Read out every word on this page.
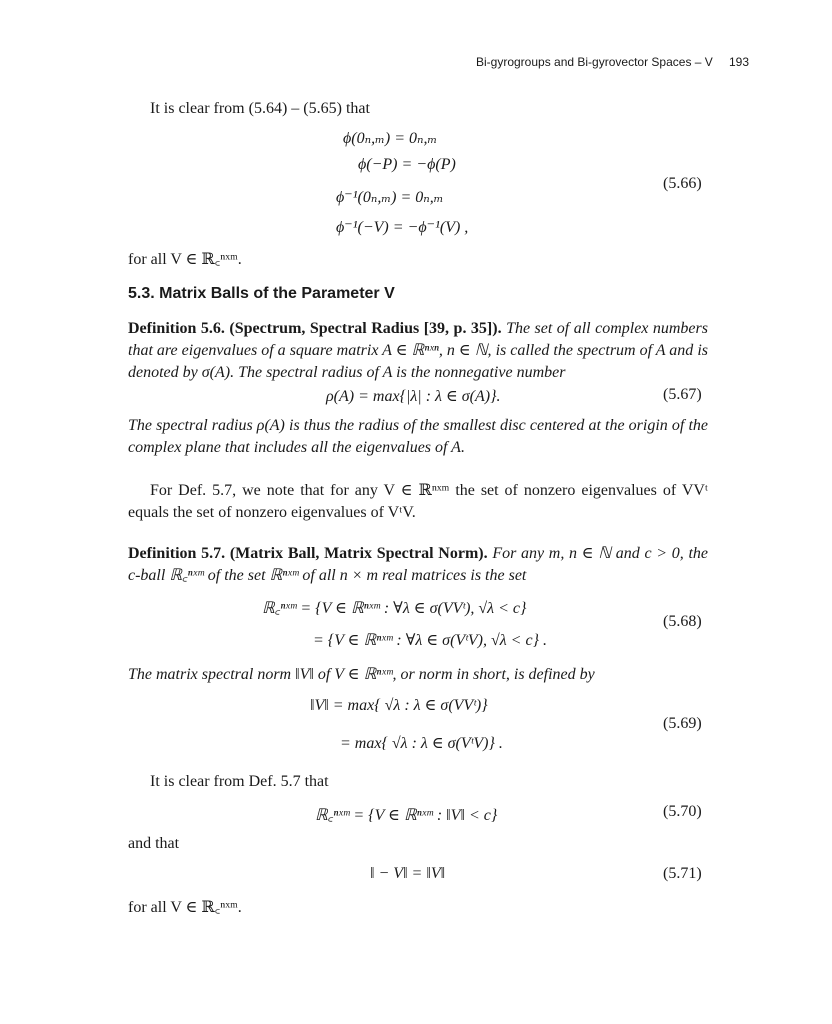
Bi-gyrogroups and Bi-gyrovector Spaces – V 193
It is clear from (5.64) – (5.65) that
ϕ(0ₙ,ₘ) = 0ₙ,ₘ
ϕ(−P) = −ϕ(P)
ϕ⁻¹(0ₙ,ₘ) = 0ₙ,ₘ
ϕ⁻¹(−V) = −ϕ⁻¹(V) ,
(5.66)
for all V ∈ ℝ꜀ⁿˣᵐ.
5.3. Matrix Balls of the Parameter V

Definition 5.6. (Spectrum, Spectral Radius [39, p. 35]). The set of all complex numbers that are eigenvalues of a square matrix A ∈ ℝⁿˣⁿ, n ∈ ℕ, is called the spectrum of A and is denoted by σ(A). The spectral radius of A is the nonnegative number

ρ(A) = max{|λ| : λ ∈ σ(A)}.	(5.67)

The spectral radius ρ(A) is thus the radius of the smallest disc centered at the origin of the complex plane that includes all the eigenvalues of A.

For Def. 5.7, we note that for any V ∈ ℝⁿˣᵐ the set of nonzero eigenvalues of VVᵗ equals the set of nonzero eigenvalues of VᵗV.

Definition 5.7. (Matrix Ball, Matrix Spectral Norm). For any m, n ∈ ℕ and c > 0, the c-ball ℝ꜀ⁿˣᵐ of the set ℝⁿˣᵐ of all n × m real matrices is the set

ℝ꜀ⁿˣᵐ = {V ∈ ℝⁿˣᵐ : ∀λ ∈ σ(VVᵗ), √λ < c}
= {V ∈ ℝⁿˣᵐ : ∀λ ∈ σ(VᵗV), √λ < c} .
(5.68)
The matrix spectral norm ‖V‖ of V ∈ ℝⁿˣᵐ, or norm in short, is defined by
‖V‖ = max{ √λ : λ ∈ σ(VVᵗ)}
= max{ √λ : λ ∈ σ(VᵗV)} .
(5.69)
It is clear from Def. 5.7 that
ℝ꜀ⁿˣᵐ = {V ∈ ℝⁿˣᵐ : ‖V‖ < c}	(5.70)
and that
‖ − V‖ = ‖V‖	(5.71)
for all V ∈ ℝ꜀ⁿˣᵐ.
